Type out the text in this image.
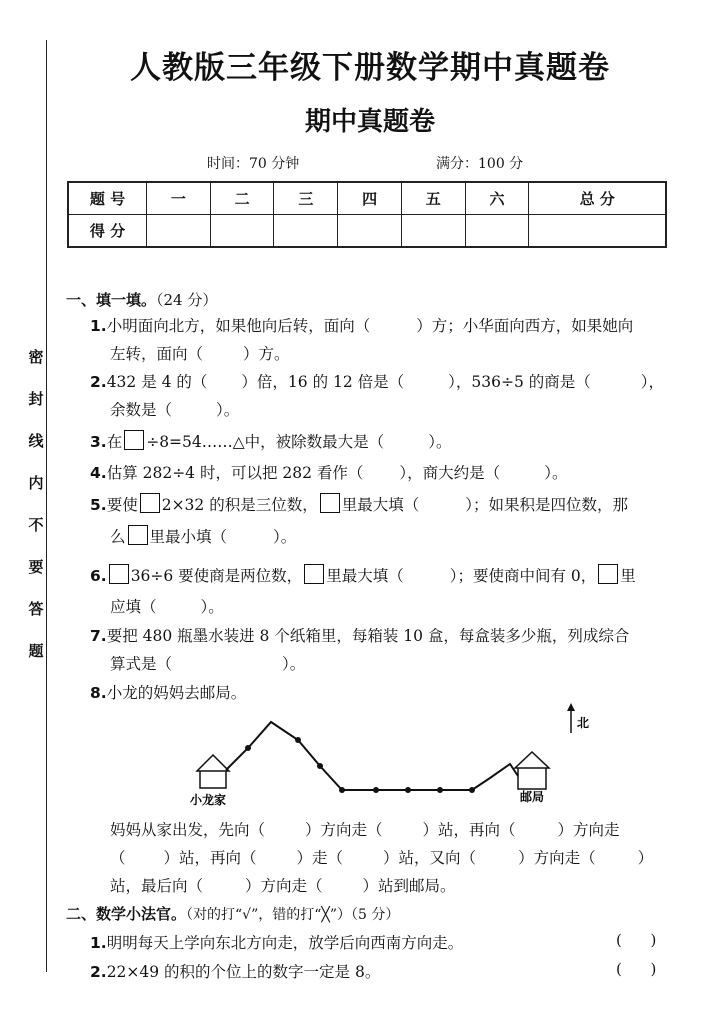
密
封
线
内
不
要
答
题
人教版三年级下册数学期中真题卷
期中真题卷
时间：70 分钟	满分：100 分
题 号	一	二	三	四	五	六	总 分
得 分							
一、填一填。（24 分）
1.小明面向北方，如果他向后转，面向（	）方；小华面向西方，如果她向
左转，面向（	）方。
2.432 是 4 的（ ）倍，16 的 12 倍是（	），536÷5 的商是（	），
余数是（	）。
3.在 ÷8=54……△中，被除数最大是（	）。
4.估算 282÷4 时，可以把 282 看作（ ），商大约是（	）。
5.要使 2×32 的积是三位数， 里最大填（	）；如果积是四位数，那
么 里最小填（	）。
6. 36÷6 要使商是两位数， 里最大填（	）；要使商中间有 0， 里
应填（	）。
7.要把 480 瓶墨水装进 8 个纸箱里，每箱装 10 盒，每盒装多少瓶，列成综合
算式是（	）。
8.小龙的妈妈去邮局。
北
小龙家	邮局
妈妈从家出发，先向（	）方向走（	）站，再向（	）方向走
（ ）站，再向（	）走（	）站，又向（	）方向走（	）
站，最后向（	）方向走（	）站到邮局。
二、数学小法官。（对的打“√”，错的打“╳”）（5 分）
1.明明每天上学向东北方向走，放学后向西南方向走。	(      )
2.22×49 的积的个位上的数字一定是 8。	(      )
